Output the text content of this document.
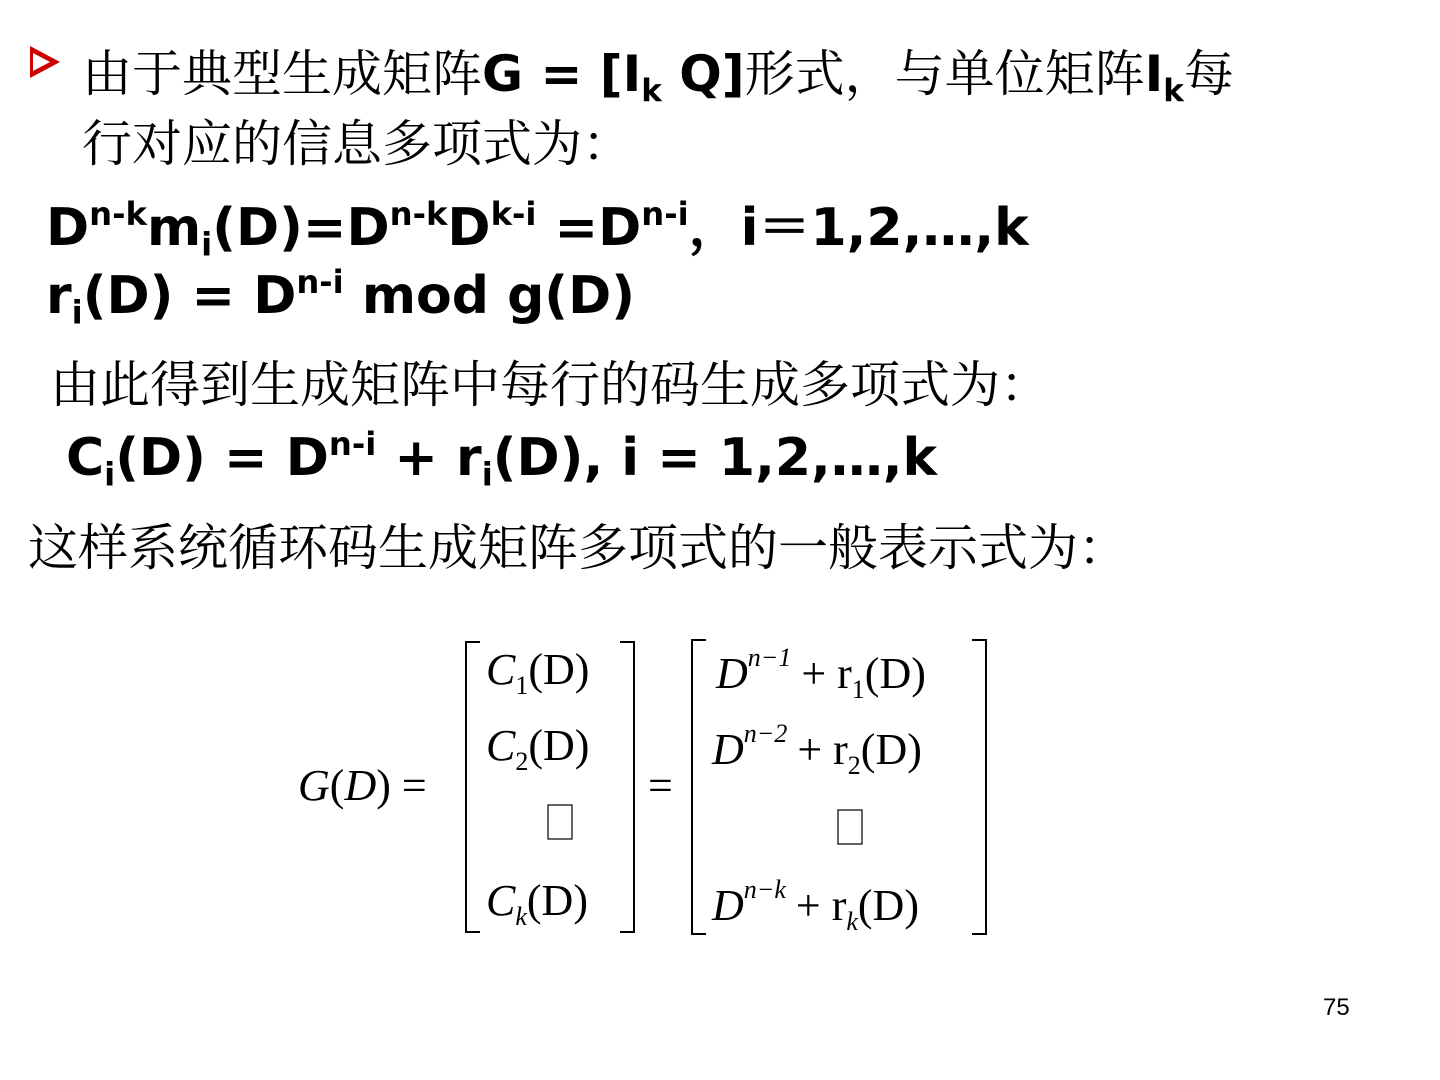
由于典型生成矩阵$G = [I_k$ Q]形式，与单位矩阵$I_k$每
行对应的信息多项式为：
$D^{n-k}m_i(D)=D^{n-k}D^{k-i} =D^{n-i}$，i＝1,2,…,k
$r_i(D) = D^{n-i}$ mod g(D)
由此得到生成矩阵中每行的码生成多项式为：
$C_i(D) = D^{n-i} + r_i(D)$, i = 1,2,…,k
这样系统循环码生成矩阵多项式的一般表示式为：
G(D) =
$C_1(D)$
$C_2(D)$
$C_k(D)$
=
$D^{n-1} + r_1(D)$
$D^{n-2} + r_2(D)$
$D^{n-k} + r_k(D)$
75
